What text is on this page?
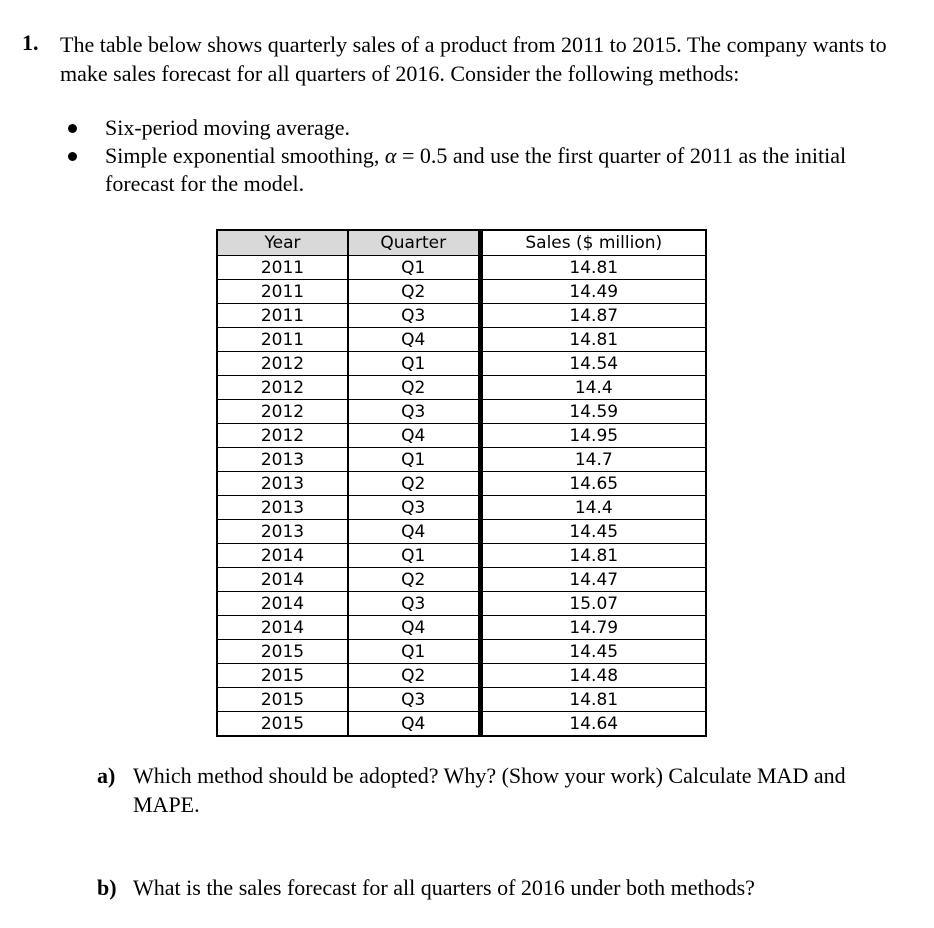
1. The table below shows quarterly sales of a product from 2011 to 2015. The company wants to make sales forecast for all quarters of 2016. Consider the following methods:
Six-period moving average.
Simple exponential smoothing, α = 0.5 and use the first quarter of 2011 as the initial forecast for the model.
Year	Quarter	Sales ($ million)
2011	Q1	14.81
2011	Q2	14.49
2011	Q3	14.87
2011	Q4	14.81
2012	Q1	14.54
2012	Q2	14.4
2012	Q3	14.59
2012	Q4	14.95
2013	Q1	14.7
2013	Q2	14.65
2013	Q3	14.4
2013	Q4	14.45
2014	Q1	14.81
2014	Q2	14.47
2014	Q3	15.07
2014	Q4	14.79
2015	Q1	14.45
2015	Q2	14.48
2015	Q3	14.81
2015	Q4	14.64
a) Which method should be adopted? Why? (Show your work) Calculate MAD and MAPE.
b) What is the sales forecast for all quarters of 2016 under both methods?
